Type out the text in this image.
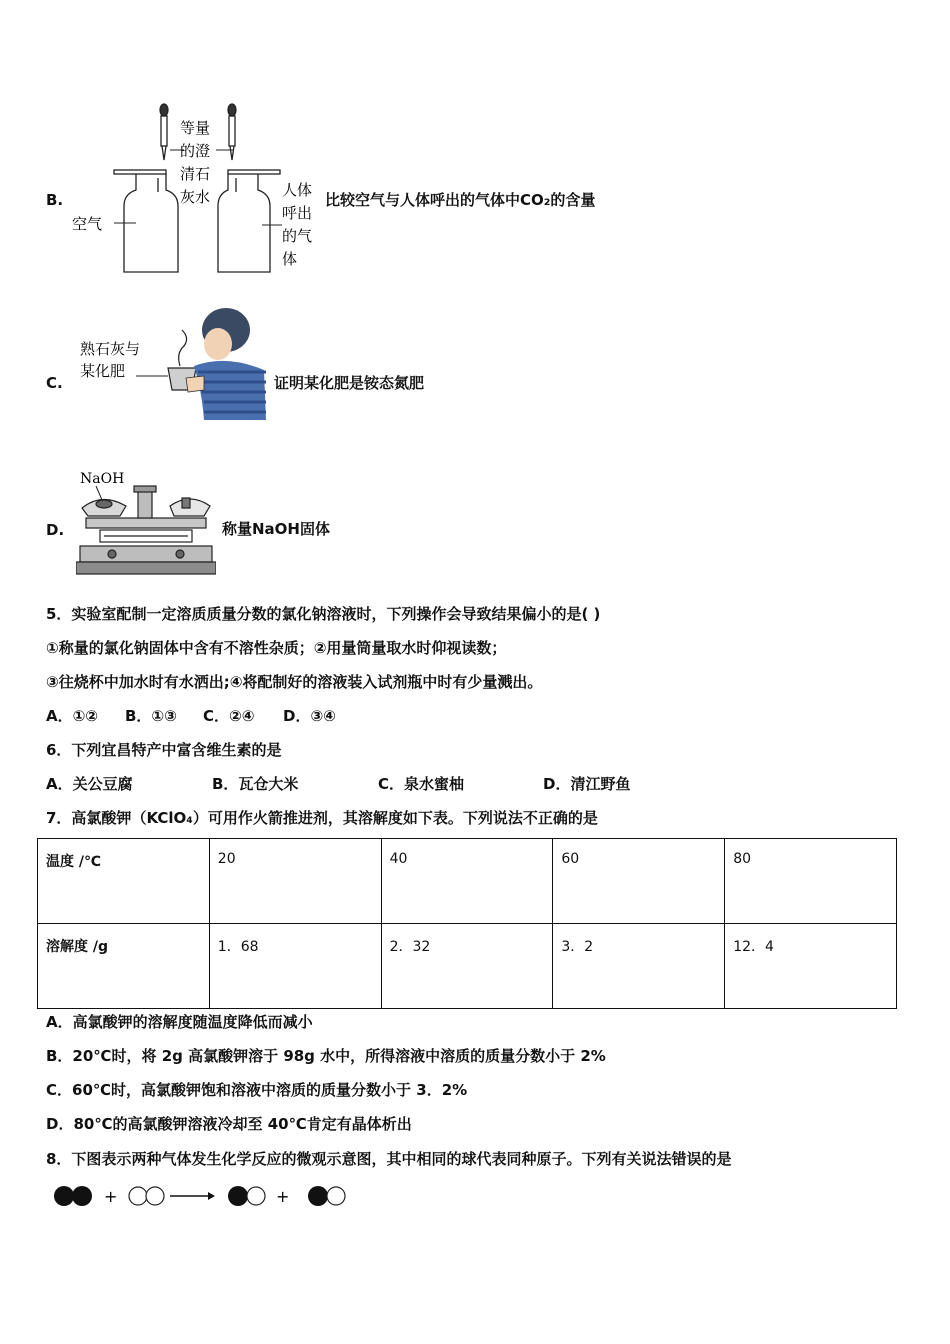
B.
等量
的澄
清石
灰水
空气
人体
呼出
的气
体
比较空气与人体呼出的气体中CO₂的含量
C.
熟石灰与
某化肥
证明某化肥是铵态氮肥
D.
NaOH
称量NaOH固体
5．实验室配制一定溶质质量分数的氯化钠溶液时，下列操作会导致结果偏小的是( )
①称量的氯化钠固体中含有不溶性杂质；②用量筒量取水时仰视读数；
③往烧杯中加水时有水洒出;④将配制好的溶液装入试剂瓶中时有少量溅出。
A．①② B．①③ C．②④ D．③④
6．下列宜昌特产中富含维生素的是
A．关公豆腐	B．瓦仓大米	C．泉水蜜柚	D．清江野鱼
7．高氯酸钾（KClO₄）可用作火箭推进剂，其溶解度如下表。下列说法不正确的是
温度 /℃	20	40	60	80
溶解度 /g	1．68	2．32	3．2	12．4
A．高氯酸钾的溶解度随温度降低而减小
B．20℃时，将 2g 高氯酸钾溶于 98g 水中，所得溶液中溶质的质量分数小于 2%
C．60℃时，高氯酸钾饱和溶液中溶质的质量分数小于 3．2%
D．80℃的高氯酸钾溶液冷却至 40℃肯定有晶体析出
8．下图表示两种气体发生化学反应的微观示意图，其中相同的球代表同种原子。下列有关说法错误的是
+	+
